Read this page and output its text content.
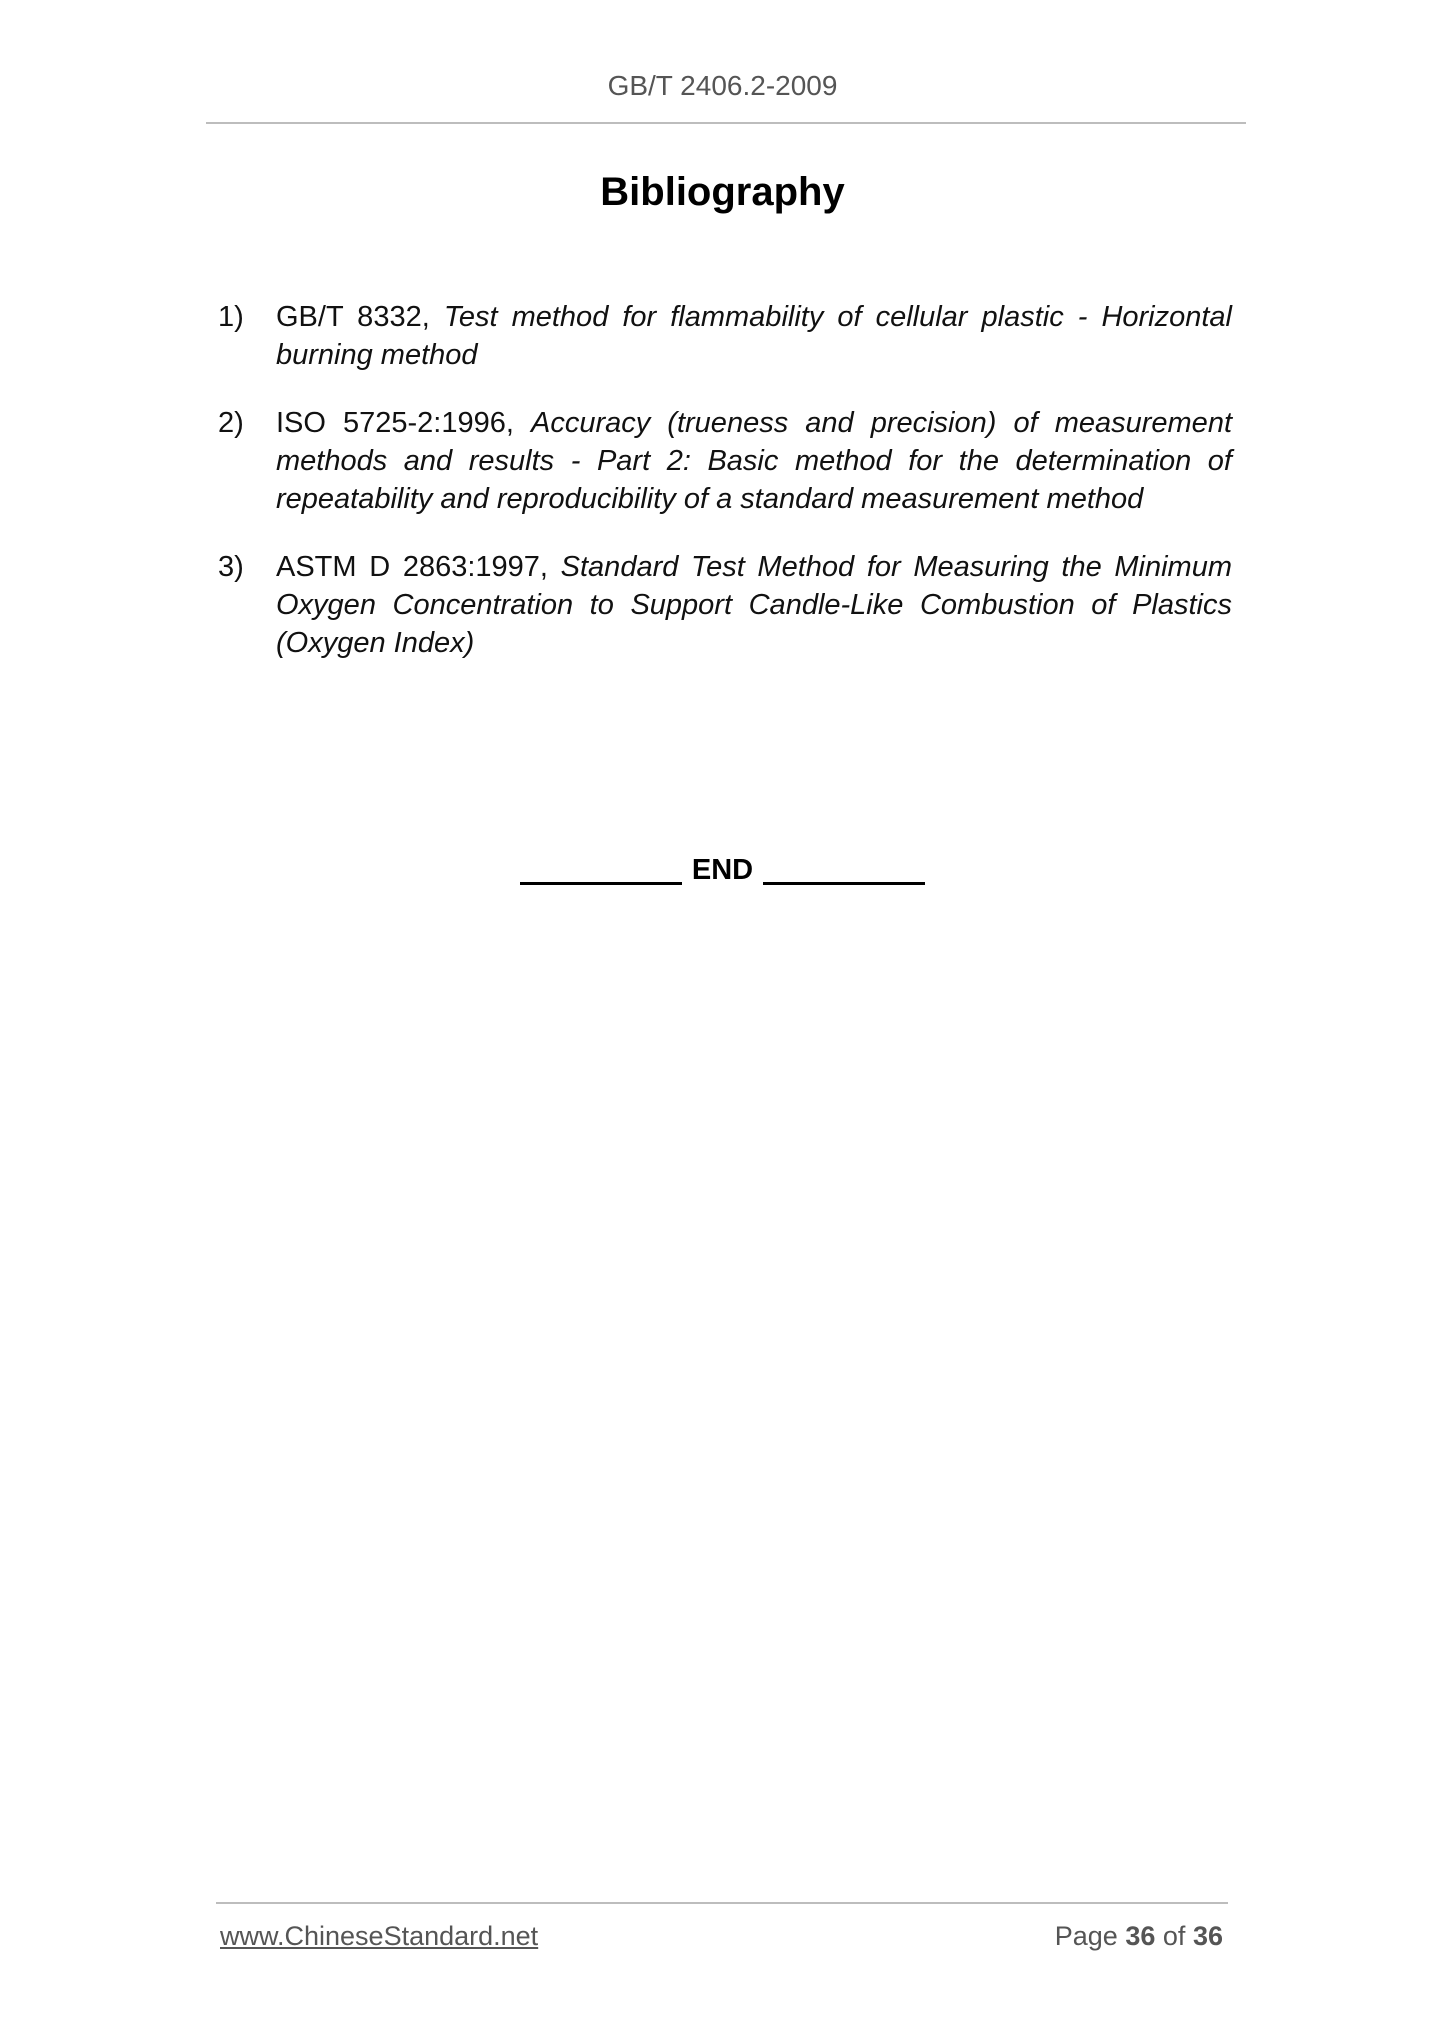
GB/T 2406.2-2009
Bibliography
1) GB/T 8332, Test method for flammability of cellular plastic - Horizontal burning method
2) ISO 5725-2:1996, Accuracy (trueness and precision) of measurement methods and results - Part 2: Basic method for the determination of repeatability and reproducibility of a standard measurement method
3) ASTM D 2863:1997, Standard Test Method for Measuring the Minimum Oxygen Concentration to Support Candle-Like Combustion of Plastics (Oxygen Index)
END
www.ChineseStandard.net	Page 36 of 36
